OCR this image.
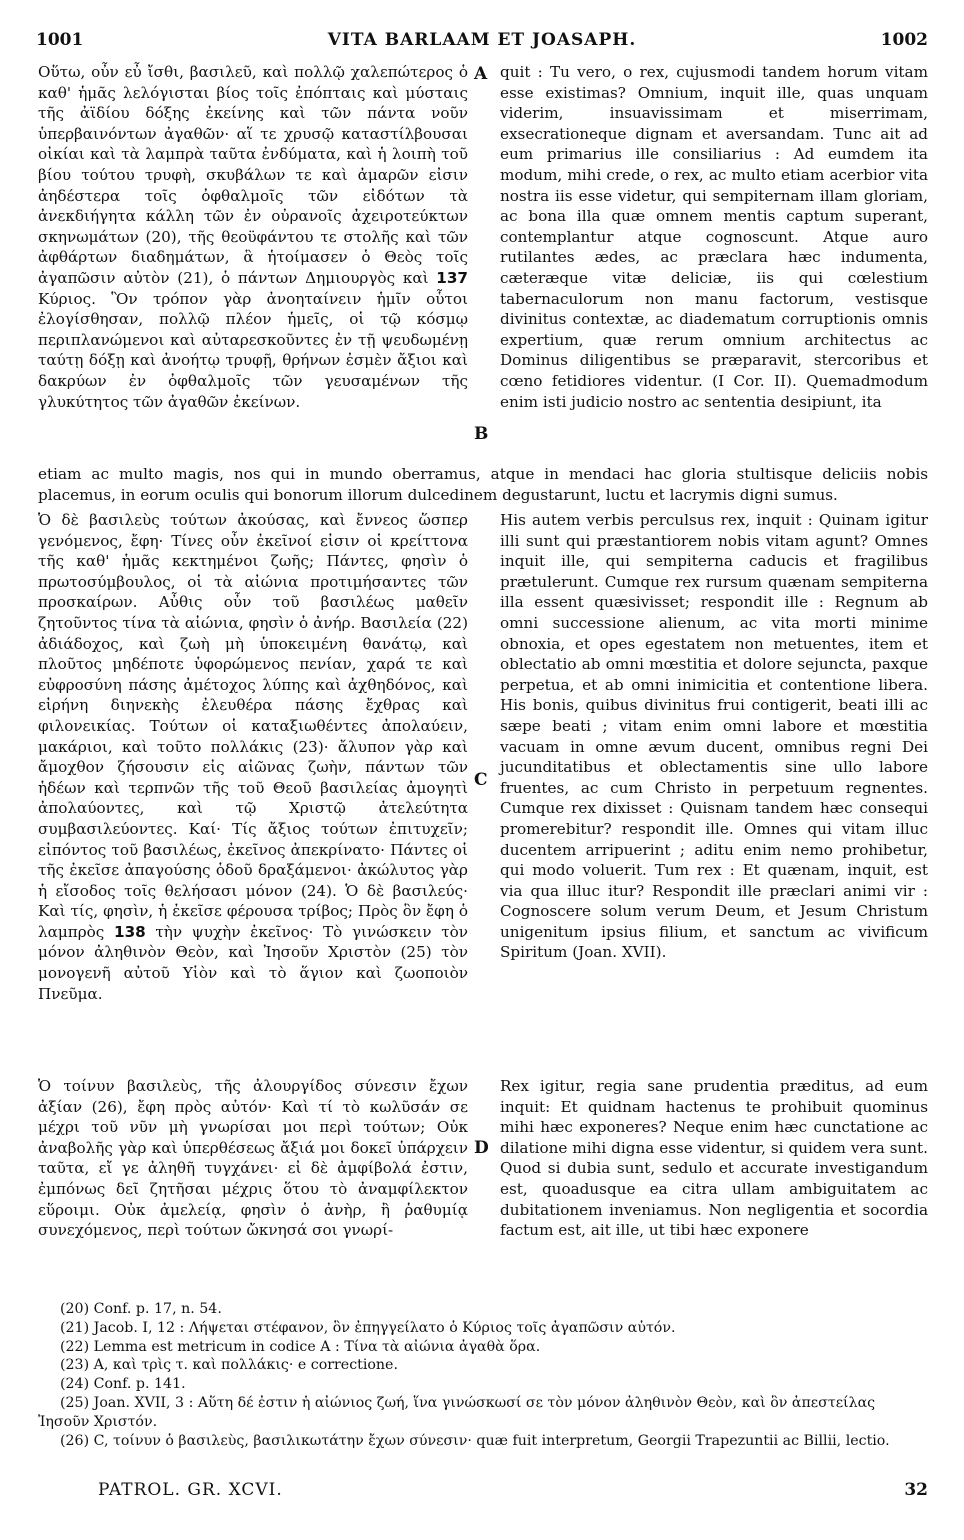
1001	VITA BARLAAM ET JOASAPH.	1002
A
B
C
D

Οὕτω, οὖν εὖ ἴσθι, βασιλεῦ, καὶ πολλῷ χαλεπώτερος ὁ καθ' ἡμᾶς λελόγισται βίος τοῖς ἐπόπταις καὶ μύσταις τῆς ἀϊδίου δόξης ἐκείνης καὶ τῶν πάντα νοῦν ὑπερβαινόντων ἀγαθῶν· αἵ τε χρυσῷ καταστίλβουσαι οἰκίαι καὶ τὰ λαμπρὰ ταῦτα ἐνδύματα, καὶ ἡ λοιπὴ τοῦ βίου τούτου τρυφὴ, σκυβάλων τε καὶ ἀμαρῶν εἰσιν ἀηδέστερα τοῖς ὀφθαλμοῖς τῶν εἰδότων τὰ ἀνεκδιήγητα κάλλη τῶν ἐν οὐρανοῖς ἀχειροτεύκτων σκηνωμάτων (20), τῆς θεοϋφάντου τε στολῆς καὶ τῶν ἀφθάρτων διαδημάτων, ἃ ἡτοίμασεν ὁ Θεὸς τοῖς ἀγαπῶσιν αὐτὸν (21), ὁ πάντων Δημιουργὸς καὶ 137 Κύριος. Ὃν τρόπον γὰρ ἀνοηταίνειν ἡμῖν οὗτοι ἐλογίσθησαν, πολλῷ πλέον ἡμεῖς, οἱ τῷ κόσμῳ περιπλανώμενοι καὶ αὐταρεσκοῦντες ἐν τῇ ψευδωμένῃ ταύτῃ δόξῃ καὶ ἀνοήτῳ τρυφῇ, θρήνων ἐσμὲν ἄξιοι καὶ δακρύων ἐν ὀφθαλμοῖς τῶν γευσαμένων τῆς γλυκύτητος τῶν ἀγαθῶν ἐκείνων.

quit : Tu vero, o rex, cujusmodi tandem horum vitam esse existimas? Omnium, inquit ille, quas unquam viderim, insuavissimam et miserrimam, exsecrationeque dignam et aversandam. Tunc ait ad eum primarius ille consiliarius : Ad eumdem ita modum, mihi crede, o rex, ac multo etiam acerbior vita nostra iis esse videtur, qui sempiternam illam gloriam, ac bona illa quæ omnem mentis captum superant, contemplantur atque cognoscunt. Atque auro rutilantes ædes, ac præclara hæc indumenta, cæteræque vitæ deliciæ, iis qui cœlestium tabernaculorum non manu factorum, vestisque divinitus contextæ, ac diadematum corruptionis omnis expertium, quæ rerum omnium architectus ac Dominus diligentibus se præparavit, stercoribus et cœno fetidiores videntur. (I Cor. II). Quemadmodum enim isti judicio nostro ac sententia desipiunt, ita

etiam ac multo magis, nos qui in mundo oberramus, atque in mendaci hac gloria stultisque deliciis nobis placemus, in eorum oculis qui bonorum illorum dulcedinem degustarunt, luctu et lacrymis digni sumus.

Ὁ δὲ βασιλεὺς τούτων ἀκούσας, καὶ ἔννεος ὥσπερ γενόμενος, ἔφη· Τίνες οὖν ἐκεῖνοί εἰσιν οἱ κρείττονα τῆς καθ' ἡμᾶς κεκτημένοι ζωῆς; Πάντες, φησὶν ὁ πρωτοσύμβουλος, οἱ τὰ αἰώνια προτιμήσαντες τῶν προσκαίρων. Αὖθις οὖν τοῦ βασιλέως μαθεῖν ζητοῦντος τίνα τὰ αἰώνια, φησὶν ὁ ἀνήρ. Βασιλεία (22) ἀδιάδοχος, καὶ ζωὴ μὴ ὑποκειμένη θανάτῳ, καὶ πλοῦτος μηδέποτε ὑφορώμενος πενίαν, χαρά τε καὶ εὐφροσύνη πάσης ἀμέτοχος λύπης καὶ ἀχθηδόνος, καὶ εἰρήνη διηνεκὴς ἐλευθέρα πάσης ἔχθρας καὶ φιλονεικίας. Τούτων οἱ καταξιωθέντες ἀπολαύειν, μακάριοι, καὶ τοῦτο πολλάκις (23)· ἄλυπον γὰρ καὶ ἄμοχθον ζήσουσιν εἰς αἰῶνας ζωὴν, πάντων τῶν ἡδέων καὶ τερπνῶν τῆς τοῦ Θεοῦ βασιλείας ἀμογητὶ ἀπολαύοντες, καὶ τῷ Χριστῷ ἀτελεύτητα συμβασιλεύοντες. Καί· Τίς ἄξιος τούτων ἐπιτυχεῖν; εἰπόντος τοῦ βασιλέως, ἐκεῖνος ἀπεκρίνατο· Πάντες οἱ τῆς ἐκεῖσε ἀπαγούσης ὁδοῦ δραξάμενοι· ἀκώλυτος γὰρ ἡ εἴσοδος τοῖς θελήσασι μόνον (24). Ὁ δὲ βασιλεύς· Καὶ τίς, φησὶν, ἡ ἐκεῖσε φέρουσα τρίβος; Πρὸς ὃν ἔφη ὁ λαμπρὸς 138 τὴν ψυχὴν ἐκεῖνος· Τὸ γινώσκειν τὸν μόνον ἀληθινὸν Θεὸν, καὶ Ἰησοῦν Χριστὸν (25) τὸν μονογενῆ αὐτοῦ Υἱὸν καὶ τὸ ἅγιον καὶ ζωοποιὸν Πνεῦμα.

His autem verbis perculsus rex, inquit : Quinam igitur illi sunt qui præstantiorem nobis vitam agunt? Omnes inquit ille, qui sempiterna caducis et fragilibus prætulerunt. Cumque rex rursum quænam sempiterna illa essent quæsivisset; respondit ille : Regnum ab omni successione alienum, ac vita morti minime obnoxia, et opes egestatem non metuentes, item et oblectatio ab omni mœstitia et dolore sejuncta, paxque perpetua, et ab omni inimicitia et contentione libera. His bonis, quibus divinitus frui contigerit, beati illi ac sæpe beati ; vitam enim omni labore et mœstitia vacuam in omne ævum ducent, omnibus regni Dei jucunditatibus et oblectamentis sine ullo labore fruentes, ac cum Christo in perpetuum regnentes. Cumque rex dixisset : Quisnam tandem hæc consequi promerebitur? respondit ille. Omnes qui vitam illuc ducentem arripuerint ; aditu enim nemo prohibetur, qui modo voluerit. Tum rex : Et quænam, inquit, est via qua illuc itur? Respondit ille præclari animi vir : Cognoscere solum verum Deum, et Jesum Christum unigenitum ipsius filium, et sanctum ac vivificum Spiritum (Joan. XVII).

Ὁ τοίνυν βασιλεὺς, τῆς ἀλουργίδος σύνεσιν ἔχων ἀξίαν (26), ἔφη πρὸς αὐτόν· Καὶ τί τὸ κωλῦσάν σε μέχρι τοῦ νῦν μὴ γνωρίσαι μοι περὶ τούτων; Οὐκ ἀναβολῆς γὰρ καὶ ὑπερθέσεως ἄξιά μοι δοκεῖ ὑπάρχειν ταῦτα, εἴ γε ἀληθῆ τυγχάνει· εἰ δὲ ἀμφίβολά ἐστιν, ἐμπόνως δεῖ ζητῆσαι μέχρις ὅτου τὸ ἀναμφίλεκτον εὕροιμι. Οὐκ ἀμελείᾳ, φησὶν ὁ ἀνὴρ, ἢ ῥαθυμίᾳ συνεχόμενος, περὶ τούτων ὤκνησά σοι γνωρί-

Rex igitur, regia sane prudentia præditus, ad eum inquit: Et quidnam hactenus te prohibuit quominus mihi hæc exponeres? Neque enim hæc cunctatione ac dilatione mihi digna esse videntur, si quidem vera sunt. Quod si dubia sunt, sedulo et accurate investigandum est, quoadusque ea citra ullam ambiguitatem ac dubitationem inveniamus. Non negligentia et socordia factum est, ait ille, ut tibi hæc exponere

(20) Conf. p. 17, n. 54.
(21) Jacob. I, 12 : Λήψεται στέφανον, ὃν ἐπηγγείλατο ὁ Κύριος τοῖς ἀγαπῶσιν αὐτόν.
(22) Lemma est metricum in codice A : Τίνα τὰ αἰώνια ἀγαθὰ ὅρα.
(23) A, καὶ τρὶς τ. καὶ πολλάκις· e correctione.
(24) Conf. p. 141.
(25) Joan. XVII, 3 : Αὕτη δέ ἐστιν ἡ αἰώνιος ζωή, ἵνα γινώσκωσί σε τὸν μόνον ἀληθινὸν Θεὸν, καὶ ὃν ἀπεστείλας Ἰησοῦν Χριστόν.
(26) C, τοίνυν ὁ βασιλεὺς, βασιλικωτάτην ἔχων σύνεσιν· quæ fuit interpretum, Georgii Trapezuntii ac Billii, lectio.
PATROL. GR. XCVI.	32
